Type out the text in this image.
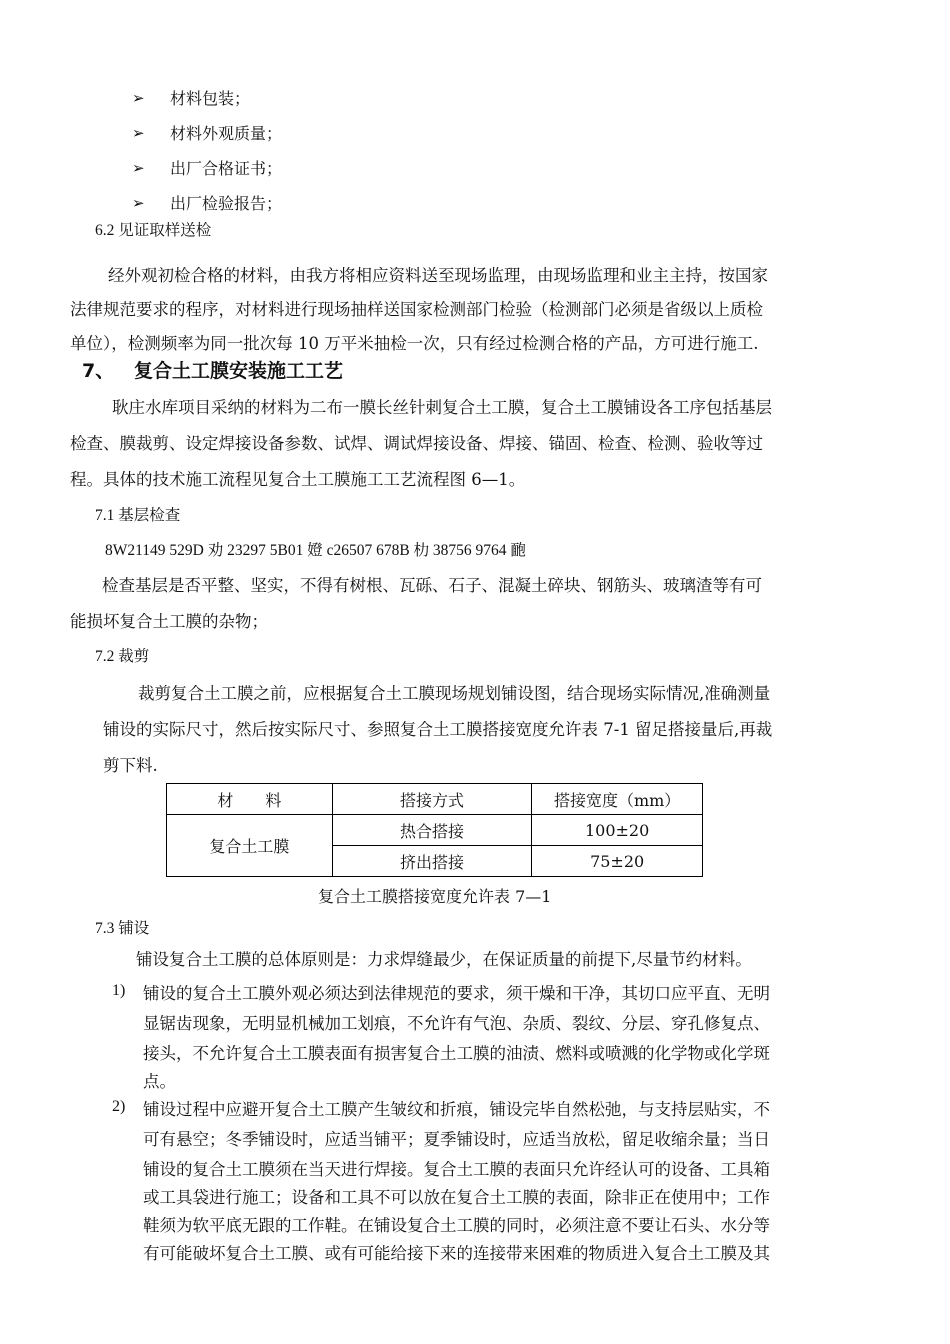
➢	材料包装；
➢	材料外观质量；
➢	出厂合格证书；
➢	出厂检验报告；
6.2 见证取样送检
经外观初检合格的材料，由我方将相应资料送至现场监理，由现场监理和业主主持，按国家
法律规范要求的程序，对材料进行现场抽样送国家检测部门检验（检测部门必须是省级以上质检
单位），检测频率为同一批次每 10 万平米抽检一次，只有经过检测合格的产品，方可进行施工.
7、 复合土工膜安装施工工艺
耿庄水库项目采纳的材料为二布一膜长丝针刺复合土工膜，复合土工膜铺设各工序包括基层
检查、膜裁剪、设定焊接设备参数、试焊、调试焊接设备、焊接、锚固、检查、检测、验收等过
程。具体的技术施工流程见复合土工膜施工工艺流程图 6—1。
7.1 基层检查
8W21149 529D 劝 23297 5B01 嬁 c26507 678B 朸 38756 9764 靤
检查基层是否平整、坚实，不得有树根、瓦砾、石子、混凝土碎块、钢筋头、玻璃渣等有可
能损坏复合土工膜的杂物；
7.2 裁剪
裁剪复合土工膜之前，应根据复合土工膜现场规划铺设图，结合现场实际情况,准确测量
铺设的实际尺寸，然后按实际尺寸、参照复合土工膜搭接宽度允许表 7-1 留足搭接量后,再裁
剪下料.
材　　料	搭接方式	搭接宽度（mm）
复合土工膜	热合搭接	100±20
	挤出搭接	75±20
复合土工膜搭接宽度允许表 7—1
7.3 铺设
铺设复合土工膜的总体原则是：力求焊缝最少，在保证质量的前提下,尽量节约材料。
1) 铺设的复合土工膜外观必须达到法律规范的要求，须干燥和干净，其切口应平直、无明
显锯齿现象，无明显机械加工划痕，不允许有气泡、杂质、裂纹、分层、穿孔修复点、
接头，不允许复合土工膜表面有损害复合土工膜的油渍、燃料或喷溅的化学物或化学斑
点。
2) 铺设过程中应避开复合土工膜产生皱纹和折痕，铺设完毕自然松弛，与支持层贴实，不
可有悬空；冬季铺设时，应适当铺平；夏季铺设时，应适当放松，留足收缩余量；当日
铺设的复合土工膜须在当天进行焊接。复合土工膜的表面只允许经认可的设备、工具箱
或工具袋进行施工；设备和工具不可以放在复合土工膜的表面，除非正在使用中；工作
鞋须为软平底无跟的工作鞋。在铺设复合土工膜的同时，必须注意不要让石头、水分等
有可能破坏复合土工膜、或有可能给接下来的连接带来困难的物质进入复合土工膜及其
